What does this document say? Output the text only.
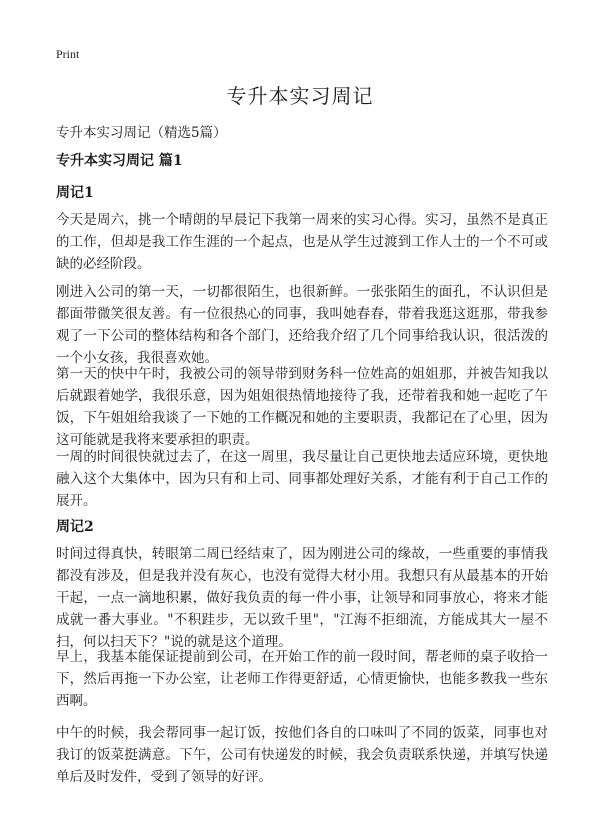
Print
专升本实习周记
专升本实习周记（精选5篇）
专升本实习周记 篇1
周记1
今天是周六，挑一个晴朗的早晨记下我第一周来的实习心得。实习，虽然不是真正的工作，但却是我工作生涯的一个起点，也是从学生过渡到工作人士的一个不可或缺的必经阶段。
刚进入公司的第一天，一切都很陌生，也很新鲜。一张张陌生的面孔，不认识但是都面带微笑很友善。有一位很热心的同事，我叫她春春，带着我逛这逛那，带我参观了一下公司的整体结构和各个部门，还给我介绍了几个同事给我认识，很活泼的一个小女孩，我很喜欢她。
第一天的快中午时，我被公司的领导带到财务科一位姓高的姐姐那，并被告知我以后就跟着她学，我很乐意，因为姐姐很热情地接待了我，还带着我和她一起吃了午饭，下午姐姐给我谈了一下她的工作概况和她的主要职责，我都记在了心里，因为这可能就是我将来要承担的职责。
一周的时间很快就过去了，在这一周里，我尽量让自己更快地去适应环境，更快地融入这个大集体中，因为只有和上司、同事都处理好关系，才能有利于自己工作的展开。
周记2
时间过得真快，转眼第二周已经结束了，因为刚进公司的缘故，一些重要的事情我都没有涉及，但是我并没有灰心，也没有觉得大材小用。我想只有从最基本的开始干起，一点一滴地积累，做好我负责的每一件小事，让领导和同事放心，将来才能成就一番大事业。"不积跬步，无以致千里"，"江海不拒细流，方能成其大一屋不扫，何以扫天下？"说的就是这个道理。
早上，我基本能保证提前到公司，在开始工作的前一段时间，帮老师的桌子收拾一下，然后再拖一下办公室，让老师工作得更舒适，心情更愉快，也能多教我一些东西啊。
中午的时候，我会帮同事一起订饭，按他们各自的口味叫了不同的饭菜，同事也对我订的饭菜挺满意。下午，公司有快递发的时候，我会负责联系快递，并填写快递单后及时发件，受到了领导的好评。
